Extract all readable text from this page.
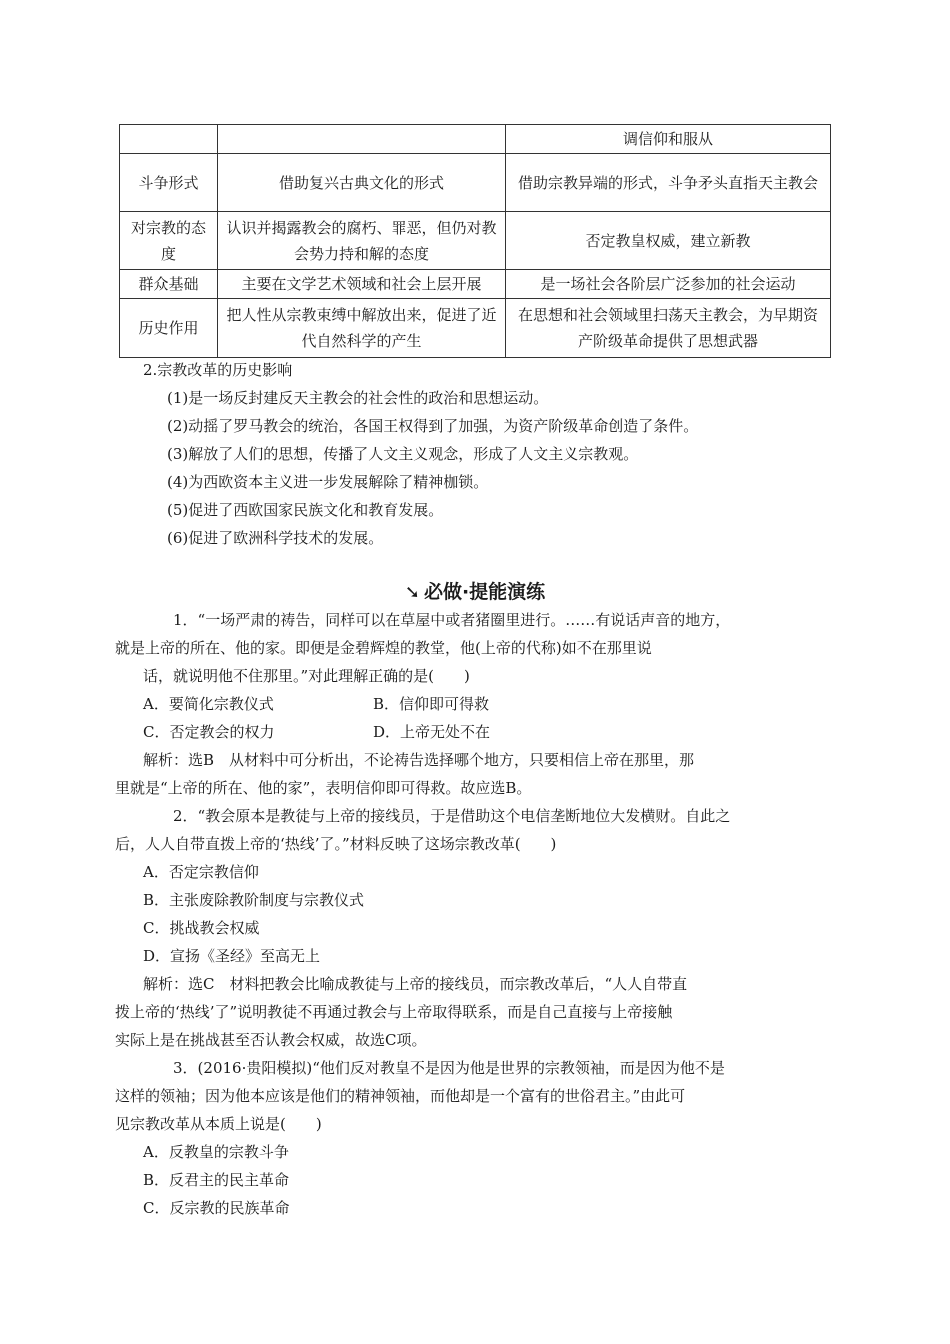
		调信仰和服从
斗争形式	借助复兴古典文化的形式	借助宗教异端的形式，斗争矛头直指天主教会
对宗教的态度	认识并揭露教会的腐朽、罪恶，但仍对教会势力持和解的态度	否定教皇权威，建立新教
群众基础	主要在文学艺术领域和社会上层开展	是一场社会各阶层广泛参加的社会运动
历史作用	把人性从宗教束缚中解放出来，促进了近代自然科学的产生	在思想和社会领域里扫荡天主教会，为早期资产阶级革命提供了思想武器
2.宗教改革的历史影响
(1)是一场反封建反天主教会的社会性的政治和思想运动。
(2)动摇了罗马教会的统治，各国王权得到了加强，为资产阶级革命创造了条件。
(3)解放了人们的思想，传播了人文主义观念，形成了人文主义宗教观。
(4)为西欧资本主义进一步发展解除了精神枷锁。
(5)促进了西欧国家民族文化和教育发展。
(6)促进了欧洲科学技术的发展。
➘ 必做·提能演练
1．“一场严肃的祷告，同样可以在草屋中或者猪圈里进行。……有说话声音的地方，
就是上帝的所在、他的家。即便是金碧辉煌的教堂，他(上帝的代称)如不在那里说
话，就说明他不住那里。”对此理解正确的是(　　)
A．要简化宗教仪式	B．信仰即可得救
C．否定教会的权力	D．上帝无处不在
解析：选B　从材料中可分析出，不论祷告选择哪个地方，只要相信上帝在那里，那
里就是“上帝的所在、他的家”，表明信仰即可得救。故应选B。
2．“教会原本是教徒与上帝的接线员，于是借助这个电信垄断地位大发横财。自此之
后，人人自带直拨上帝的‘热线’了。”材料反映了这场宗教改革(　　)
A．否定宗教信仰
B．主张废除教阶制度与宗教仪式
C．挑战教会权威
D．宣扬《圣经》至高无上
解析：选C　材料把教会比喻成教徒与上帝的接线员，而宗教改革后，“人人自带直
拨上帝的‘热线’了”说明教徒不再通过教会与上帝取得联系，而是自己直接与上帝接触
实际上是在挑战甚至否认教会权威，故选C项。
3．(2016·贵阳模拟)“他们反对教皇不是因为他是世界的宗教领袖，而是因为他不是
这样的领袖；因为他本应该是他们的精神领袖，而他却是一个富有的世俗君主。”由此可
见宗教改革从本质上说是(　　)
A．反教皇的宗教斗争
B．反君主的民主革命
C．反宗教的民族革命
